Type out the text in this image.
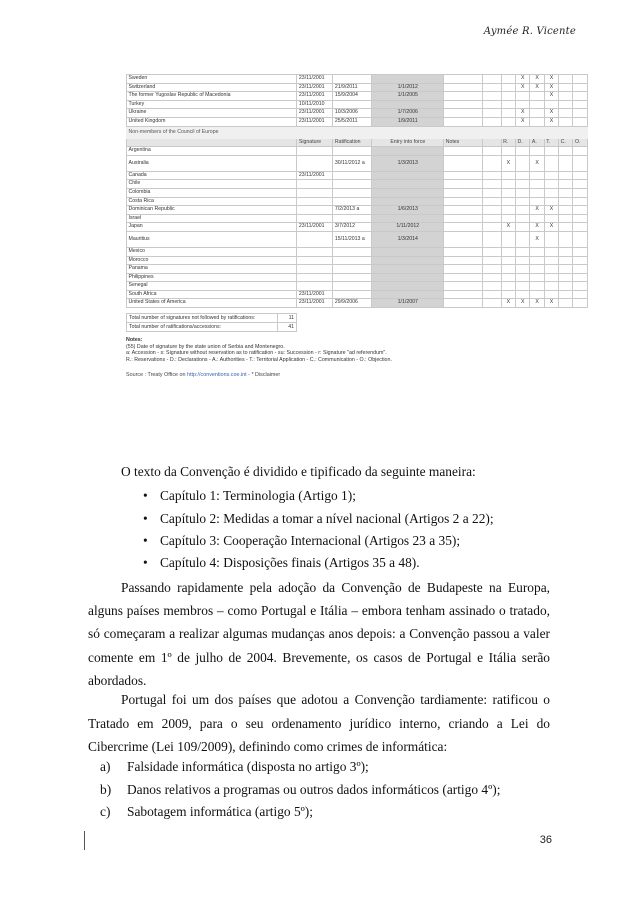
Aymée R. Vicente
Sweden	23/11/2001						X	X	X		
Switzerland	23/11/2001	21/9/2011	1/1/2012				X	X	X		
The former Yugoslav Republic of Macedonia	23/11/2001	15/9/2004	1/1/2005						X		
Turkey	10/11/2010										
Ukraine	23/11/2001	10/3/2006	1/7/2006				X		X		
United Kingdom	23/11/2001	25/5/2011	1/9/2011				X		X		
Non-members of the Council of Europe											
	Signature	Ratification	Entry into force	Notes		R.	D.	A.	T.	C.	O.
Argentina											
Australia		30/11/2012 a	1/3/2013			X		X			
Canada	23/11/2001										
Chile											
Colombia											
Costa Rica											
Dominican Republic		7/2/2013 a	1/6/2013					X	X		
Israel											
Japan	23/11/2001	3/7/2012	1/11/2012			X		X	X		
Mauritius		15/11/2013 a	1/3/2014					X			
Mexico											
Morocco											
Panama											
Philippines											
Senegal											
South Africa	23/11/2001										
United States of America	23/11/2001	29/9/2006	1/1/2007			X	X	X	X		
Total number of signatures not followed by ratifications:	11
Total number of ratifications/accessions:	41
Notes:
(55) Date of signature by the state union of Serbia and Montenegro.
a: Accession - s: Signature without reservation as to ratification - su: Succession - r: Signature "ad referendum".
R.: Reservations - D.: Declarations - A.: Authorities - T.: Territorial Application - C.: Communication - O.: Objection.
Source : Treaty Office on http://conventions.coe.int - * Disclaimer
O texto da Convenção é dividido e tipificado da seguinte maneira:
• Capítulo 1: Terminologia (Artigo 1);
• Capítulo 2: Medidas a tomar a nível nacional (Artigos 2 a 22);
• Capítulo 3: Cooperação Internacional (Artigos 23 a 35);
• Capítulo 4: Disposições finais (Artigos 35 a 48).
Passando rapidamente pela adoção da Convenção de Budapeste na Europa, alguns países membros – como Portugal e Itália – embora tenham assinado o tratado, só começaram a realizar algumas mudanças anos depois: a Convenção passou a valer comente em 1º de julho de 2004. Brevemente, os casos de Portugal e Itália serão abordados.
Portugal foi um dos países que adotou a Convenção tardiamente: ratificou o Tratado em 2009, para o seu ordenamento jurídico interno, criando a Lei do Cibercrime (Lei 109/2009), definindo como crimes de informática:
a) Falsidade informática (disposta no artigo 3º);
b) Danos relativos a programas ou outros dados informáticos (artigo 4º);
c) Sabotagem informática (artigo 5º);
36
